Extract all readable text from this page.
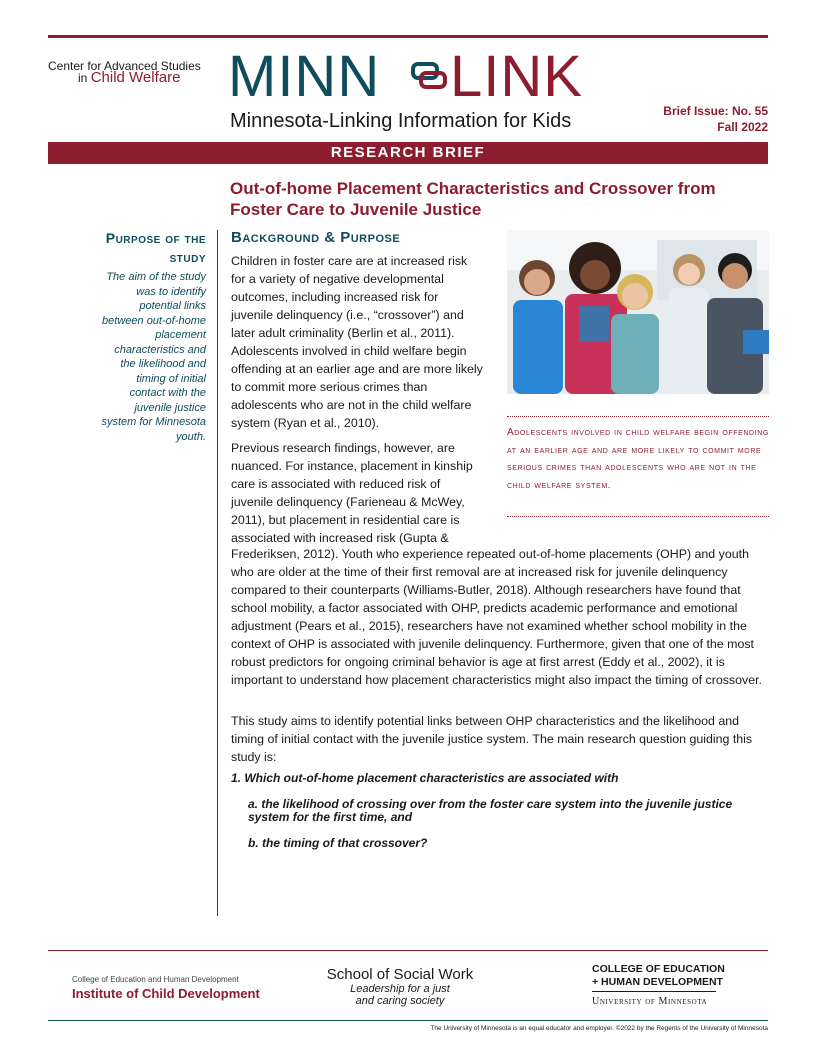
Center for Advanced Studies
in Child Welfare MINN LINK
Minnesota-Linking Information for Kids	Brief Issue: No. 55
Fall 2022
RESEARCH BRIEF
Out-of-home Placement Characteristics and Crossover from Foster Care to Juvenile Justice
Purpose of the study
The aim of the study was to identify potential links between out-of-home placement characteristics and the likelihood and timing of initial contact with the juvenile justice system for Minnesota youth.
Background & Purpose
Children in foster care are at increased risk for a variety of negative developmental outcomes, including increased risk for juvenile delinquency (i.e., “crossover”) and later adult criminality (Berlin et al., 2011). Adolescents involved in child welfare begin offending at an earlier age and are more likely to commit more serious crimes than adolescents who are not in the child welfare system (Ryan et al., 2010).
Adolescents involved in child welfare begin offending at an earlier age and are more likely to commit more serious crimes than adolescents who are not in the child welfare system.
Previous research findings, however, are nuanced. For instance, placement in kinship care is associated with reduced risk of juvenile delinquency (Farieneau & McWey, 2011), but placement in residential care is associated with increased risk (Gupta &
Frederiksen, 2012). Youth who experience repeated out-of-home placements (OHP) and youth who are older at the time of their first removal are at increased risk for juvenile delinquency compared to their counterparts (Williams-Butler, 2018). Although researchers have found that school mobility, a factor associated with OHP, predicts academic performance and emotional adjustment (Pears et al., 2015), researchers have not examined whether school mobility in the context of OHP is associated with juvenile delinquency. Furthermore, given that one of the most robust predictors for ongoing criminal behavior is age at first arrest (Eddy et al., 2002), it is important to understand how placement characteristics might also impact the timing of crossover.
This study aims to identify potential links between OHP characteristics and the likelihood and timing of initial contact with the juvenile justice system. The main research question guiding this study is:
1. Which out-of-home placement characteristics are associated with
a. the likelihood of crossing over from the foster care system into the juvenile justice system for the first time, and
b. the timing of that crossover?
College of Education and Human Development
Institute of Child Development
School of Social Work
Leadership for a just
and caring society
COLLEGE OF EDUCATION
+ HUMAN DEVELOPMENT
University of Minnesota
The University of Minnesota is an equal educator and employer. ©2022 by the Regents of the University of Minnesota
